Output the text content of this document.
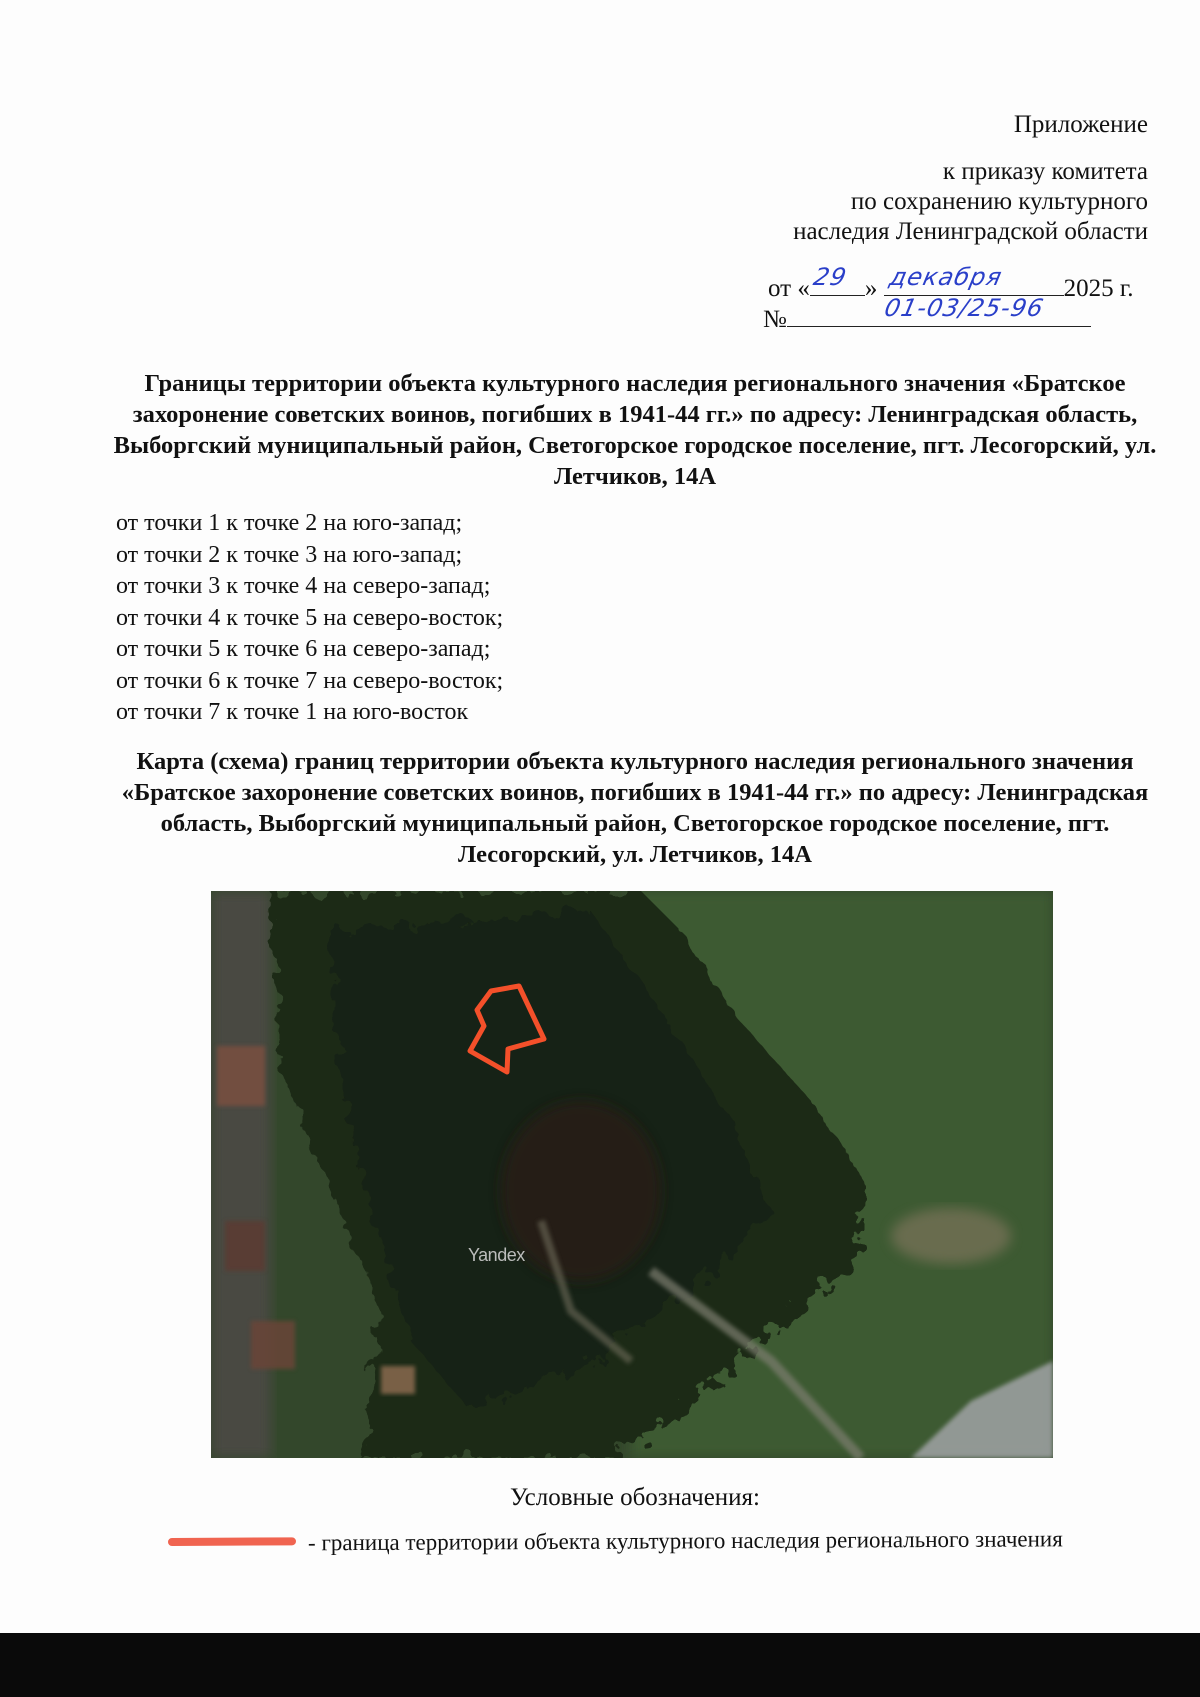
Приложение
к приказу комитета
по сохранению культурного
наследия Ленинградской области
от « 29 » декабря 2025 г.
№	01-03/25-96
Границы территории объекта культурного наследия регионального значения «Братское захоронение советских воинов, погибших в 1941-44 гг.» по адресу: Ленинградская область, Выборгский муниципальный район, Светогорское городское поселение, пгт. Лесогорский, ул. Летчиков, 14А
от точки 1 к точке 2 на юго-запад;
от точки 2 к точке 3 на юго-запад;
от точки 3 к точке 4 на северо-запад;
от точки 4 к точке 5 на северо-восток;
от точки 5 к точке 6 на северо-запад;
от точки 6 к точке 7 на северо-восток;
от точки 7 к точке 1 на юго-восток
Карта (схема) границ территории объекта культурного наследия регионального значения «Братское захоронение советских воинов, погибших в 1941-44 гг.» по адресу: Ленинградская область, Выборгский муниципальный район, Светогорское городское поселение, пгт. Лесогорский, ул. Летчиков, 14А
Yandex
Условные обозначения:
- граница территории объекта культурного наследия регионального значения
